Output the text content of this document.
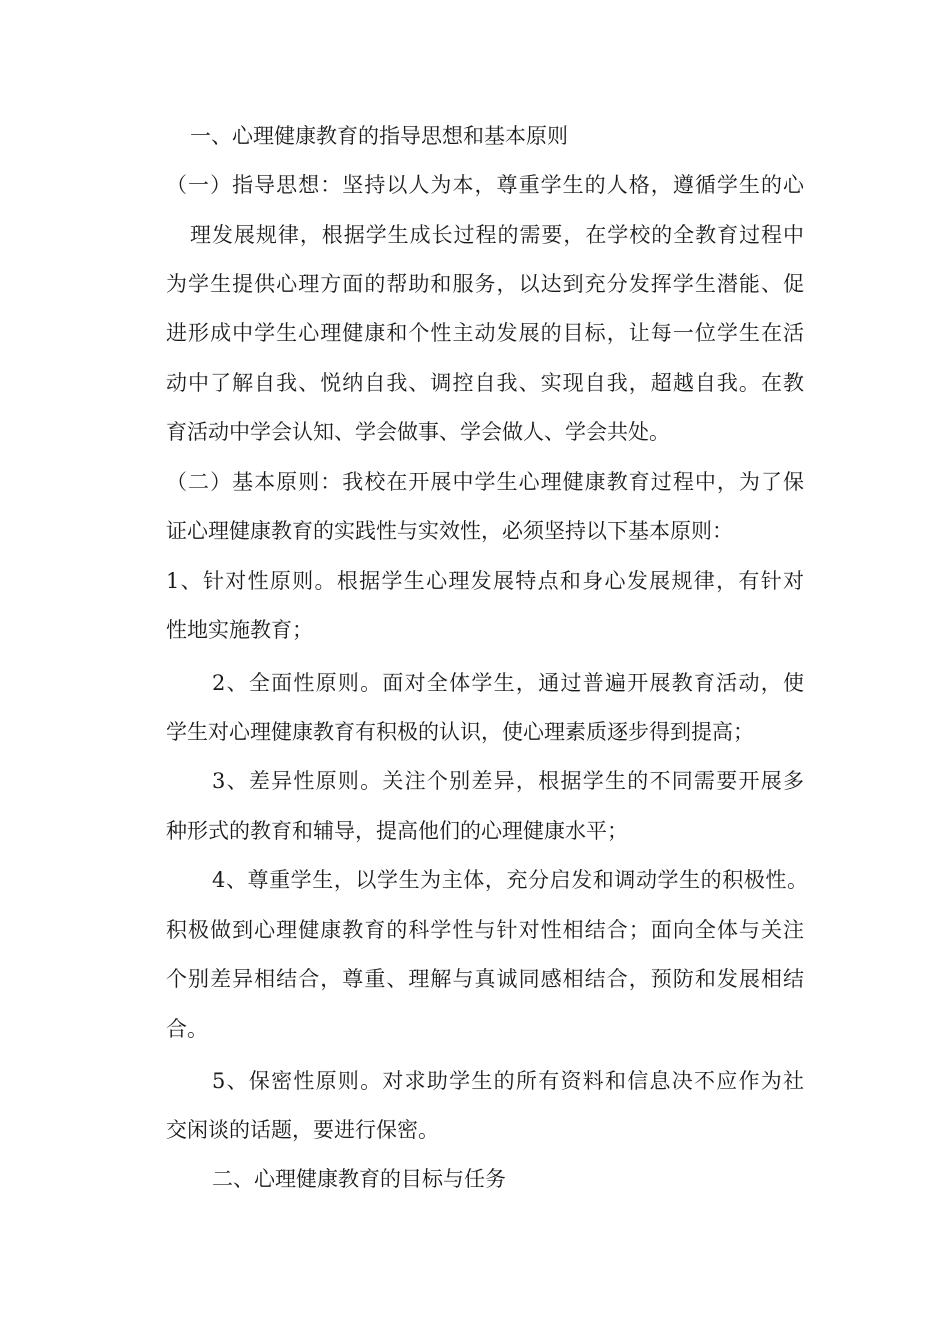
一、心理健康教育的指导思想和基本原则
（一）指导思想：坚持以人为本，尊重学生的人格，遵循学生的心
理发展规律，根据学生成长过程的需要，在学校的全教育过程中
为学生提供心理方面的帮助和服务，以达到充分发挥学生潜能、促
进形成中学生心理健康和个性主动发展的目标，让每一位学生在活
动中了解自我、悦纳自我、调控自我、实现自我，超越自我。在教
育活动中学会认知、学会做事、学会做人、学会共处。
（二）基本原则：我校在开展中学生心理健康教育过程中，为了保
证心理健康教育的实践性与实效性，必须坚持以下基本原则：
1、针对性原则。根据学生心理发展特点和身心发展规律，有针对
性地实施教育；
2、全面性原则。面对全体学生，通过普遍开展教育活动，使
学生对心理健康教育有积极的认识，使心理素质逐步得到提高；
3、差异性原则。关注个别差异，根据学生的不同需要开展多
种形式的教育和辅导，提高他们的心理健康水平；
4、尊重学生，以学生为主体，充分启发和调动学生的积极性。
积极做到心理健康教育的科学性与针对性相结合；面向全体与关注
个别差异相结合，尊重、理解与真诚同感相结合，预防和发展相结
合。
5、保密性原则。对求助学生的所有资料和信息决不应作为社
交闲谈的话题，要进行保密。
二、心理健康教育的目标与任务
